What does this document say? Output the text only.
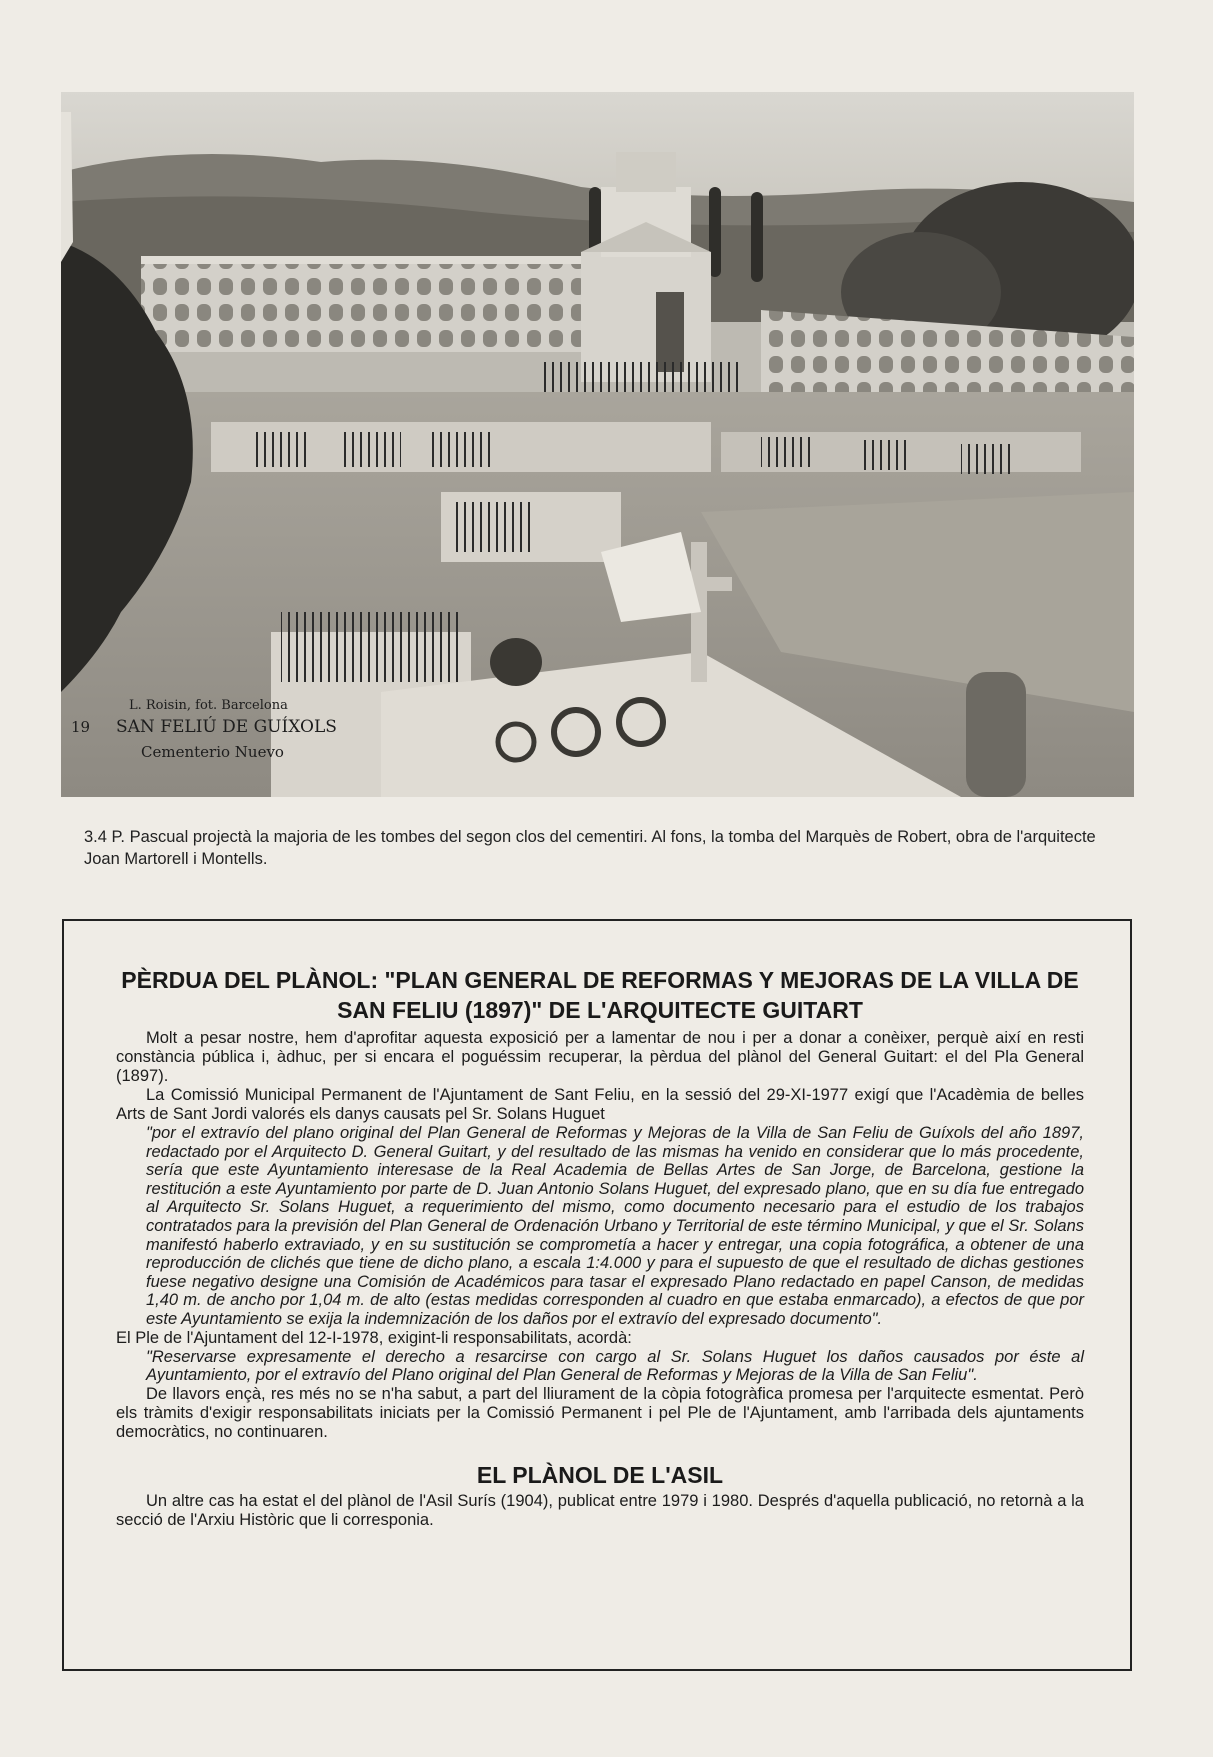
L. Roisin, fot. Barcelona
19 SAN FELIÚ DE GUÍXOLS
Cementerio Nuevo
3.4 P. Pascual projectà la majoria de les tombes del segon clos del cementiri. Al fons, la tomba del Marquès de Robert, obra de l'arquitecte Joan Martorell i Montells.
PÈRDUA DEL PLÀNOL: "PLAN GENERAL DE REFORMAS Y MEJORAS DE LA VILLA DE SAN FELIU (1897)" DE L'ARQUITECTE GUITART

Molt a pesar nostre, hem d'aprofitar aquesta exposició per a lamentar de nou i per a donar a conèixer, perquè així en resti constància pública i, àdhuc, per si encara el poguéssim recuperar, la pèrdua del plànol del General Guitart: el del Pla General (1897).

La Comissió Municipal Permanent de l'Ajuntament de Sant Feliu, en la sessió del 29-XI-1977 exigí que l'Acadèmia de belles Arts de Sant Jordi valorés els danys causats pel Sr. Solans Huguet

"por el extravío del plano original del Plan General de Reformas y Mejoras de la Villa de San Feliu de Guíxols del año 1897, redactado por el Arquitecto D. General Guitart, y del resultado de las mismas ha venido en considerar que lo más procedente, sería que este Ayuntamiento interesase de la Real Academia de Bellas Artes de San Jorge, de Barcelona, gestione la restitución a este Ayuntamiento por parte de D. Juan Antonio Solans Huguet, del expresado plano, que en su día fue entregado al Arquitecto Sr. Solans Huguet, a requerimiento del mismo, como documento necesario para el estudio de los trabajos contratados para la previsión del Plan General de Ordenación Urbano y Territorial de este término Municipal, y que el Sr. Solans manifestó haberlo extraviado, y en su sustitución se comprometía a hacer y entregar, una copia fotográfica, a obtener de una reproducción de clichés que tiene de dicho plano, a escala 1:4.000 y para el supuesto de que el resultado de dichas gestiones fuese negativo designe una Comisión de Académicos para tasar el expresado Plano redactado en papel Canson, de medidas 1,40 m. de ancho por 1,04 m. de alto (estas medidas corresponden al cuadro en que estaba enmarcado), a efectos de que por este Ayuntamiento se exija la indemnización de los daños por el extravío del expresado documento".

El Ple de l'Ajuntament del 12-I-1978, exigint-li responsabilitats, acordà:

"Reservarse expresamente el derecho a resarcirse con cargo al Sr. Solans Huguet los daños causados por éste al Ayuntamiento, por el extravío del Plano original del Plan General de Reformas y Mejoras de la Villa de San Feliu".

De llavors ençà, res més no se n'ha sabut, a part del lliurament de la còpia fotogràfica promesa per l'arquitecte esmentat. Però els tràmits d'exigir responsabilitats iniciats per la Comissió Permanent i pel Ple de l'Ajuntament, amb l'arribada dels ajuntaments democràtics, no continuaren.

EL PLÀNOL DE L'ASIL

Un altre cas ha estat el del plànol de l'Asil Surís (1904), publicat entre 1979 i 1980. Després d'aquella publicació, no retornà a la secció de l'Arxiu Històric que li corresponia.
